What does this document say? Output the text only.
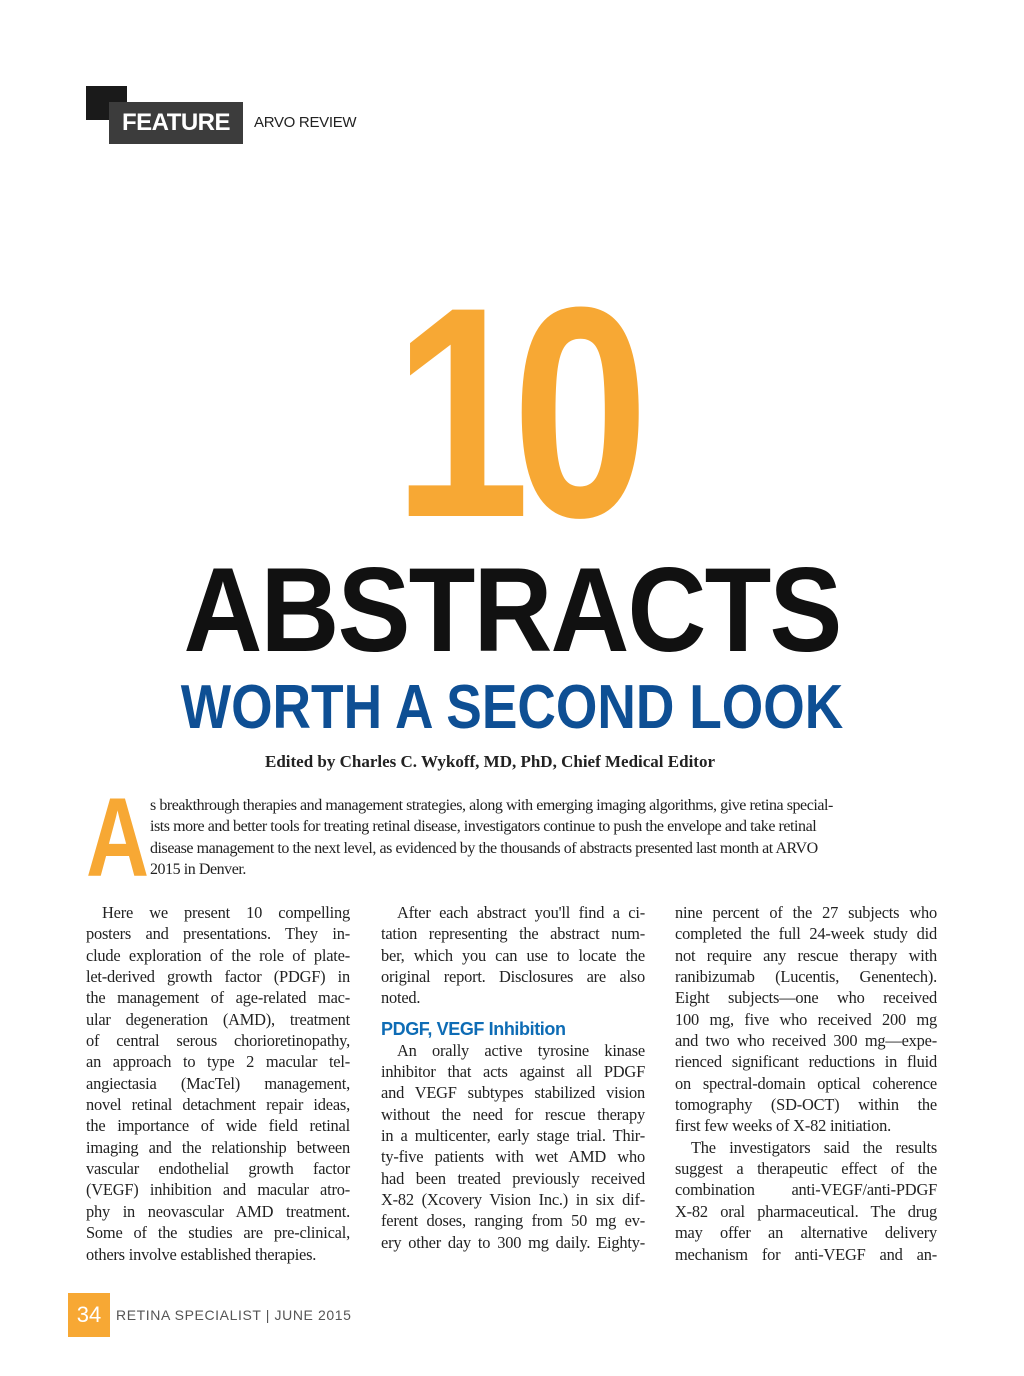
FEATURE	ARVO REVIEW
10
ABSTRACTS
WORTH A SECOND LOOK
Edited by Charles C. Wykoff, MD, PhD, Chief Medical Editor
A s breakthrough therapies and management strategies, along with emerging imaging algorithms, give retina special-
ists more and better tools for treating retinal disease, investigators continue to push the envelope and take retinal
disease management to the next level, as evidenced by the thousands of abstracts presented last month at ARVO
2015 in Denver.
Here we present 10 compelling
posters and presentations. They in-
clude exploration of the role of plate-
let-derived growth factor (PDGF) in
the management of age-related mac-
ular degeneration (AMD), treatment
of central serous chorioretinopathy,
an approach to type 2 macular tel-
angiectasia (MacTel) management,
novel retinal detachment repair ideas,
the importance of wide field retinal
imaging and the relationship between
vascular endothelial growth factor
(VEGF) inhibition and macular atro-
phy in neovascular AMD treatment.
Some of the studies are pre-clinical,
others involve established therapies.
After each abstract you'll find a ci-
tation representing the abstract num-
ber, which you can use to locate the
original report. Disclosures are also
noted.
PDGF, VEGF Inhibition
An orally active tyrosine kinase
inhibitor that acts against all PDGF
and VEGF subtypes stabilized vision
without the need for rescue therapy
in a multicenter, early stage trial. Thir-
ty-five patients with wet AMD who
had been treated previously received
X-82 (Xcovery Vision Inc.) in six dif-
ferent doses, ranging from 50 mg ev-
ery other day to 300 mg daily. Eighty-
nine percent of the 27 subjects who
completed the full 24-week study did
not require any rescue therapy with
ranibizumab (Lucentis, Genentech).
Eight subjects—one who received
100 mg, five who received 200 mg
and two who received 300 mg—expe-
rienced significant reductions in fluid
on spectral-domain optical coherence
tomography (SD-OCT) within the
first few weeks of X-82 initiation.
The investigators said the results
suggest a therapeutic effect of the
combination anti-VEGF/anti-PDGF
X-82 oral pharmaceutical. The drug
may offer an alternative delivery
mechanism for anti-VEGF and an-
34	RETINA SPECIALIST | JUNE 2015
